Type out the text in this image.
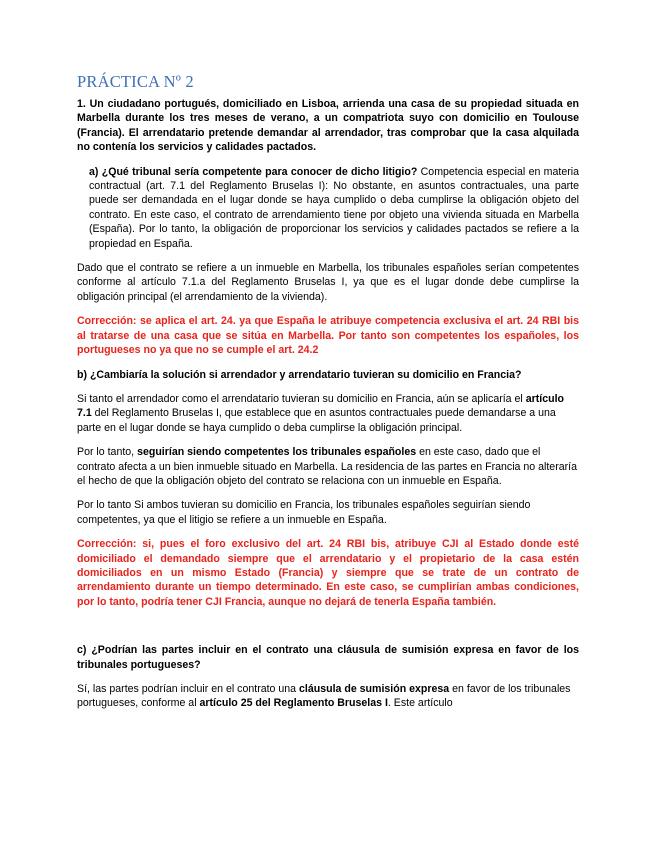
PRÁCTICA Nº 2

1. Un ciudadano portugués, domiciliado en Lisboa, arrienda una casa de su propiedad situada en Marbella durante los tres meses de verano, a un compatriota suyo con domicilio en Toulouse (Francia). El arrendatario pretende demandar al arrendador, tras comprobar que la casa alquilada no contenía los servicios y calidades pactados.

a) ¿Qué tribunal sería competente para conocer de dicho litigio? Competencia especial en materia contractual (art. 7.1 del Reglamento Bruselas I): No obstante, en asuntos contractuales, una parte puede ser demandada en el lugar donde se haya cumplido o deba cumplirse la obligación objeto del contrato. En este caso, el contrato de arrendamiento tiene por objeto una vivienda situada en Marbella (España). Por lo tanto, la obligación de proporcionar los servicios y calidades pactados se refiere a la propiedad en España.

Dado que el contrato se refiere a un inmueble en Marbella, los tribunales españoles serían competentes conforme al artículo 7.1.a del Reglamento Bruselas I, ya que es el lugar donde debe cumplirse la obligación principal (el arrendamiento de la vivienda).

Corrección: se aplica el art. 24. ya que España le atribuye competencia exclusiva el art. 24 RBI bis al tratarse de una casa que se sitúa en Marbella. Por tanto son competentes los españoles, los portugueses no ya que no se cumple el art. 24.2

b) ¿Cambiaría la solución si arrendador y arrendatario tuvieran su domicilio en Francia?

Si tanto el arrendador como el arrendatario tuvieran su domicilio en Francia, aún se aplicaría el artículo 7.1 del Reglamento Bruselas I, que establece que en asuntos contractuales puede demandarse a una parte en el lugar donde se haya cumplido o deba cumplirse la obligación principal.

Por lo tanto, seguirían siendo competentes los tribunales españoles en este caso, dado que el contrato afecta a un bien inmueble situado en Marbella. La residencia de las partes en Francia no alteraría el hecho de que la obligación objeto del contrato se relaciona con un inmueble en España.

Por lo tanto Si ambos tuvieran su domicilio en Francia, los tribunales españoles seguirían siendo competentes, ya que el litigio se refiere a un inmueble en España.

Corrección: si, pues el foro exclusivo del art. 24 RBI bis, atribuye CJI al Estado donde esté domiciliado el demandado siempre que el arrendatario y el propietario de la casa estén domiciliados en un mismo Estado (Francia) y siempre que se trate de un contrato de arrendamiento durante un tiempo determinado. En este caso, se cumplirían ambas condiciones, por lo tanto, podría tener CJI Francia, aunque no dejará de tenerla España también.

c) ¿Podrían las partes incluir en el contrato una cláusula de sumisión expresa en favor de los tribunales portugueses?

Sí, las partes podrían incluir en el contrato una cláusula de sumisión expresa en favor de los tribunales portugueses, conforme al artículo 25 del Reglamento Bruselas I. Este artículo
